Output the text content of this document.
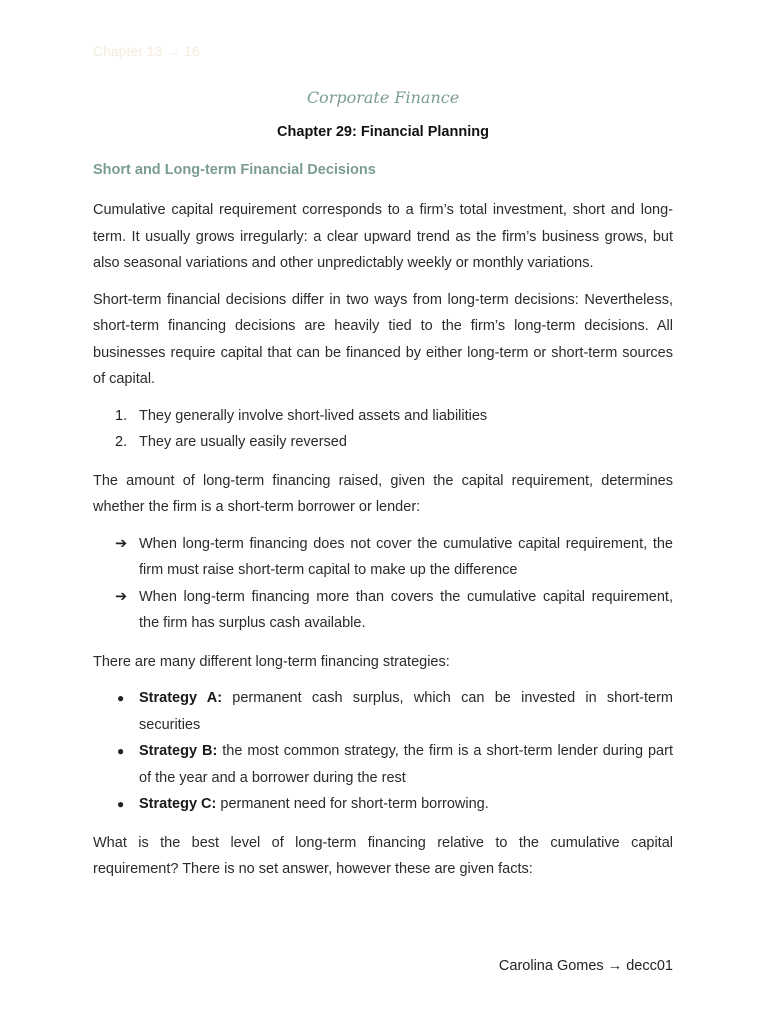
Chapter 13 → 16
Corporate Finance
Chapter 29: Financial Planning
Short and Long-term Financial Decisions

Cumulative capital requirement corresponds to a firm’s total investment, short and long-term. It usually grows irregularly: a clear upward trend as the firm’s business grows, but also seasonal variations and other unpredictably weekly or monthly variations.

Short-term financial decisions differ in two ways from long-term decisions: Nevertheless, short-term financing decisions are heavily tied to the firm’s long-term decisions. All businesses require capital that can be financed by either long-term or short-term sources of capital.

1. They generally involve short-lived assets and liabilities
2. They are usually easily reversed

The amount of long-term financing raised, given the capital requirement, determines whether the firm is a short-term borrower or lender:

➔ When long-term financing does not cover the cumulative capital requirement, the firm must raise short-term capital to make up the difference
➔ When long-term financing more than covers the cumulative capital requirement, the firm has surplus cash available.

There are many different long-term financing strategies:

●	Strategy A: permanent cash surplus, which can be invested in short-term securities
●	Strategy B: the most common strategy, the firm is a short-term lender during part of the year and a borrower during the rest
●	Strategy C: permanent need for short-term borrowing.

What is the best level of long-term financing relative to the cumulative capital requirement? There is no set answer, however these are given facts:

Carolina Gomes → decc01
